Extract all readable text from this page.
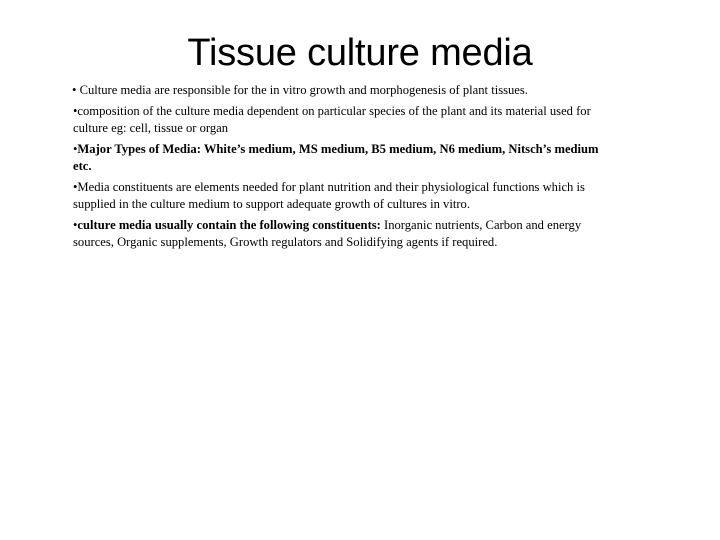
Tissue culture media

• Culture media are responsible for the in vitro growth and morphogenesis of plant tissues.

•composition of the culture media dependent on particular species of the plant and its material used for culture eg: cell, tissue or organ

•Major Types of Media: White’s medium, MS medium, B5 medium, N6 medium, Nitsch’s medium etc.

•Media constituents are elements needed for plant nutrition and their physiological functions which is supplied in the culture medium to support adequate growth of cultures in vitro.

•culture media usually contain the following constituents: Inorganic nutrients, Carbon and energy sources, Organic supplements, Growth regulators and Solidifying agents if required.
